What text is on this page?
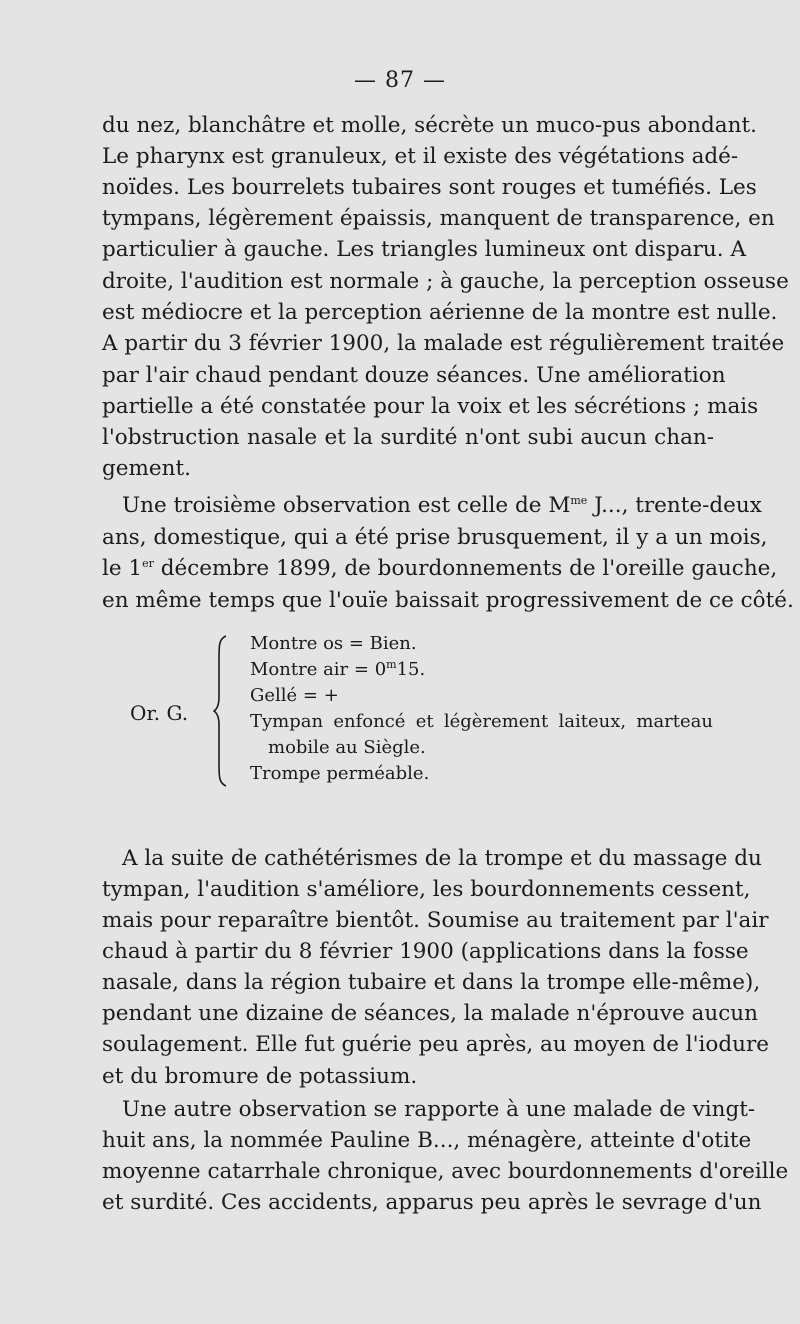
— 87 —
du nez, blanchâtre et molle, sécrète un muco-pus abondant.
Le pharynx est granuleux, et il existe des végétations adé-
noïdes. Les bourrelets tubaires sont rouges et tuméfiés. Les
tympans, légèrement épaissis, manquent de transparence, en
particulier à gauche. Les triangles lumineux ont disparu. A
droite, l'audition est normale ; à gauche, la perception osseuse
est médiocre et la perception aérienne de la montre est nulle.
A partir du 3 février 1900, la malade est régulièrement traitée
par l'air chaud pendant douze séances. Une amélioration
partielle a été constatée pour la voix et les sécrétions ; mais
l'obstruction nasale et la surdité n'ont subi aucun chan-
gement.
Une troisième observation est celle de $M^{me}$ J..., trente-deux
ans, domestique, qui a été prise brusquement, il y a un mois,
le 1er décembre 1899, de bourdonnements de l'oreille gauche,
en même temps que l'ouïe baissait progressivement de ce côté.
Or. G.
Montre os = Bien.
Montre air = $0^m15$.
Gellé = +
Tympan enfoncé et légèrement laiteux, marteau
mobile au Siègle.
Trompe perméable.
A la suite de cathétérismes de la trompe et du massage du
tympan, l'audition s'améliore, les bourdonnements cessent,
mais pour reparaître bientôt. Soumise au traitement par l'air
chaud à partir du 8 février 1900 (applications dans la fosse
nasale, dans la région tubaire et dans la trompe elle-même),
pendant une dizaine de séances, la malade n'éprouve aucun
soulagement. Elle fut guérie peu après, au moyen de l'iodure
et du bromure de potassium.
Une autre observation se rapporte à une malade de vingt-
huit ans, la nommée Pauline B..., ménagère, atteinte d'otite
moyenne catarrhale chronique, avec bourdonnements d'oreille
et surdité. Ces accidents, apparus peu après le sevrage d'un
